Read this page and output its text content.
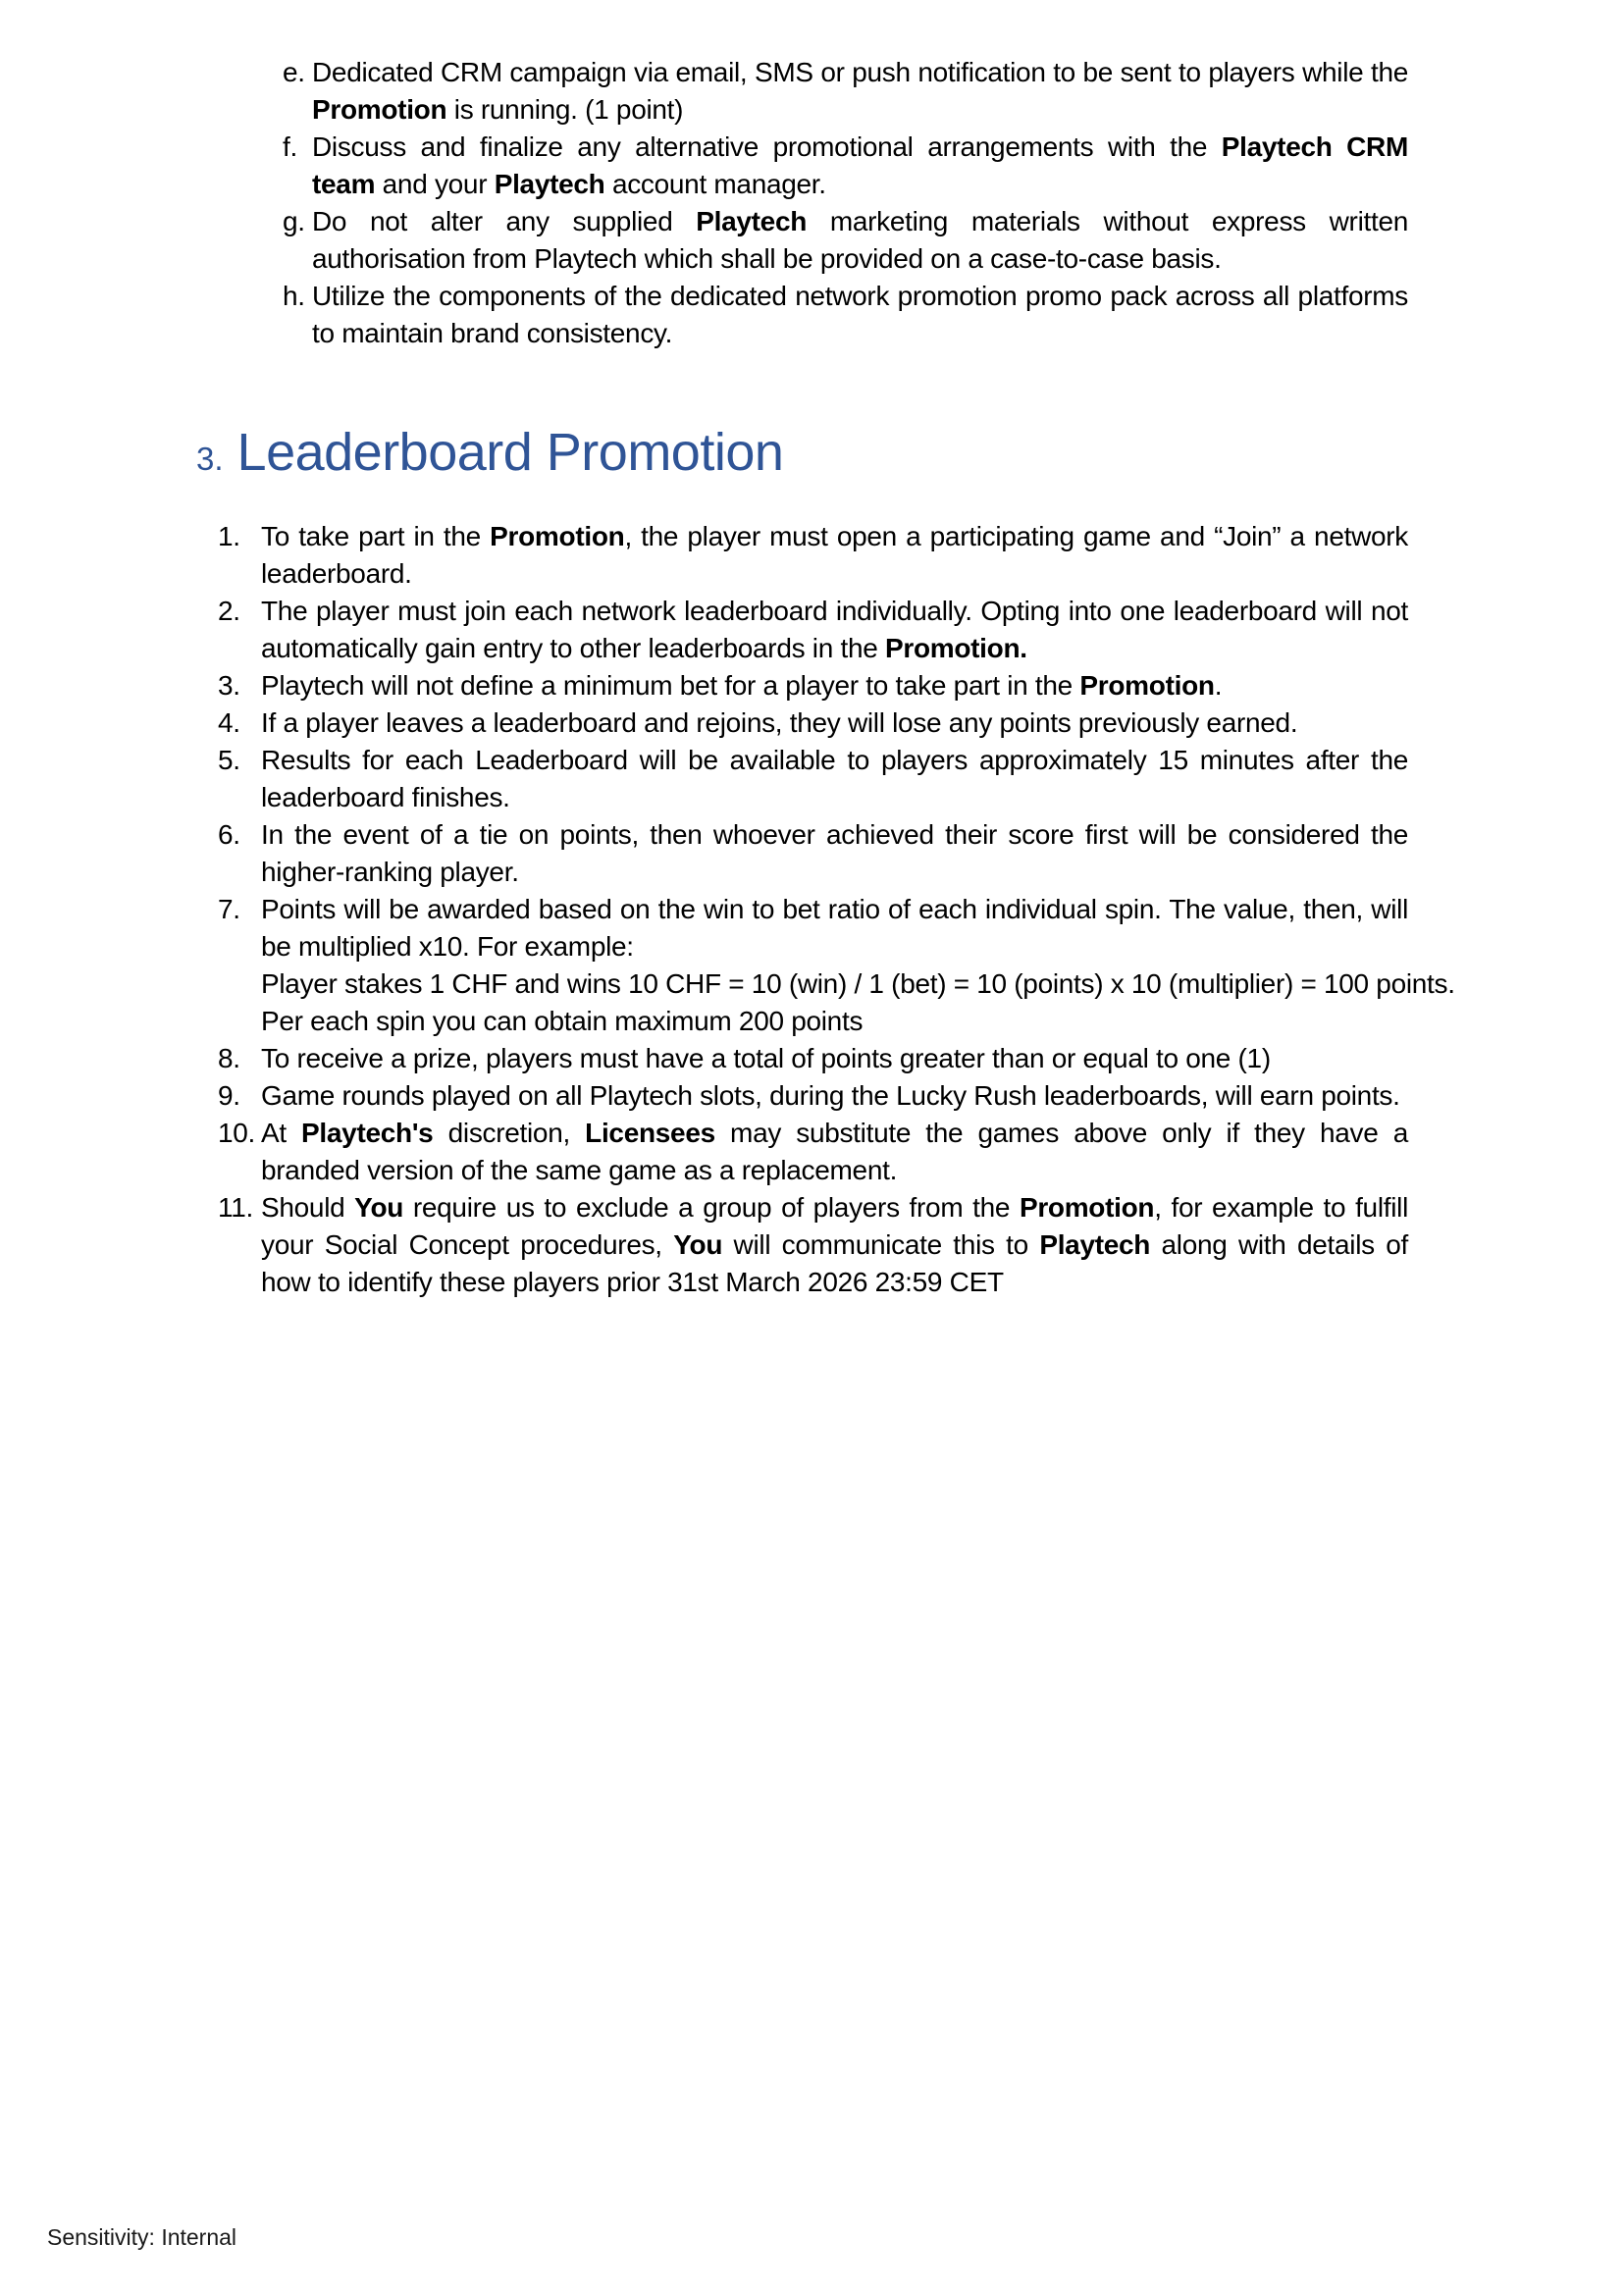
e. Dedicated CRM campaign via email, SMS or push notification to be sent to players while the Promotion is running. (1 point)

f. Discuss and finalize any alternative promotional arrangements with the Playtech CRM team and your Playtech account manager.

g. Do not alter any supplied Playtech marketing materials without express written authorisation from Playtech which shall be provided on a case-to-case basis.

h. Utilize the components of the dedicated network promotion promo pack across all platforms to maintain brand consistency.

3. Leaderboard Promotion
1. To take part in the Promotion, the player must open a participating game and “Join” a network leaderboard.

2. The player must join each network leaderboard individually. Opting into one leaderboard will not automatically gain entry to other leaderboards in the Promotion.

3. Playtech will not define a minimum bet for a player to take part in the Promotion.

4. If a player leaves a leaderboard and rejoins, they will lose any points previously earned.

5. Results for each Leaderboard will be available to players approximately 15 minutes after the leaderboard finishes.

6. In the event of a tie on points, then whoever achieved their score first will be considered the higher-ranking player.

7. Points will be awarded based on the win to bet ratio of each individual spin. The value, then, will be multiplied x10. For example:

Player stakes 1 CHF and wins 10 CHF = 10 (win) / 1 (bet) = 10 (points) x 10 (multiplier) = 100 points.

Per each spin you can obtain maximum 200 points

8. To receive a prize, players must have a total of points greater than or equal to one (1)

9. Game rounds played on all Playtech slots, during the Lucky Rush leaderboards, will earn points.

10. At Playtech's discretion, Licensees may substitute the games above only if they have a branded version of the same game as a replacement.

11. Should You require us to exclude a group of players from the Promotion, for example to fulfill your Social Concept procedures, You will communicate this to Playtech along with details of how to identify these players prior 31st March 2026 23:59 CET

Sensitivity: Internal
